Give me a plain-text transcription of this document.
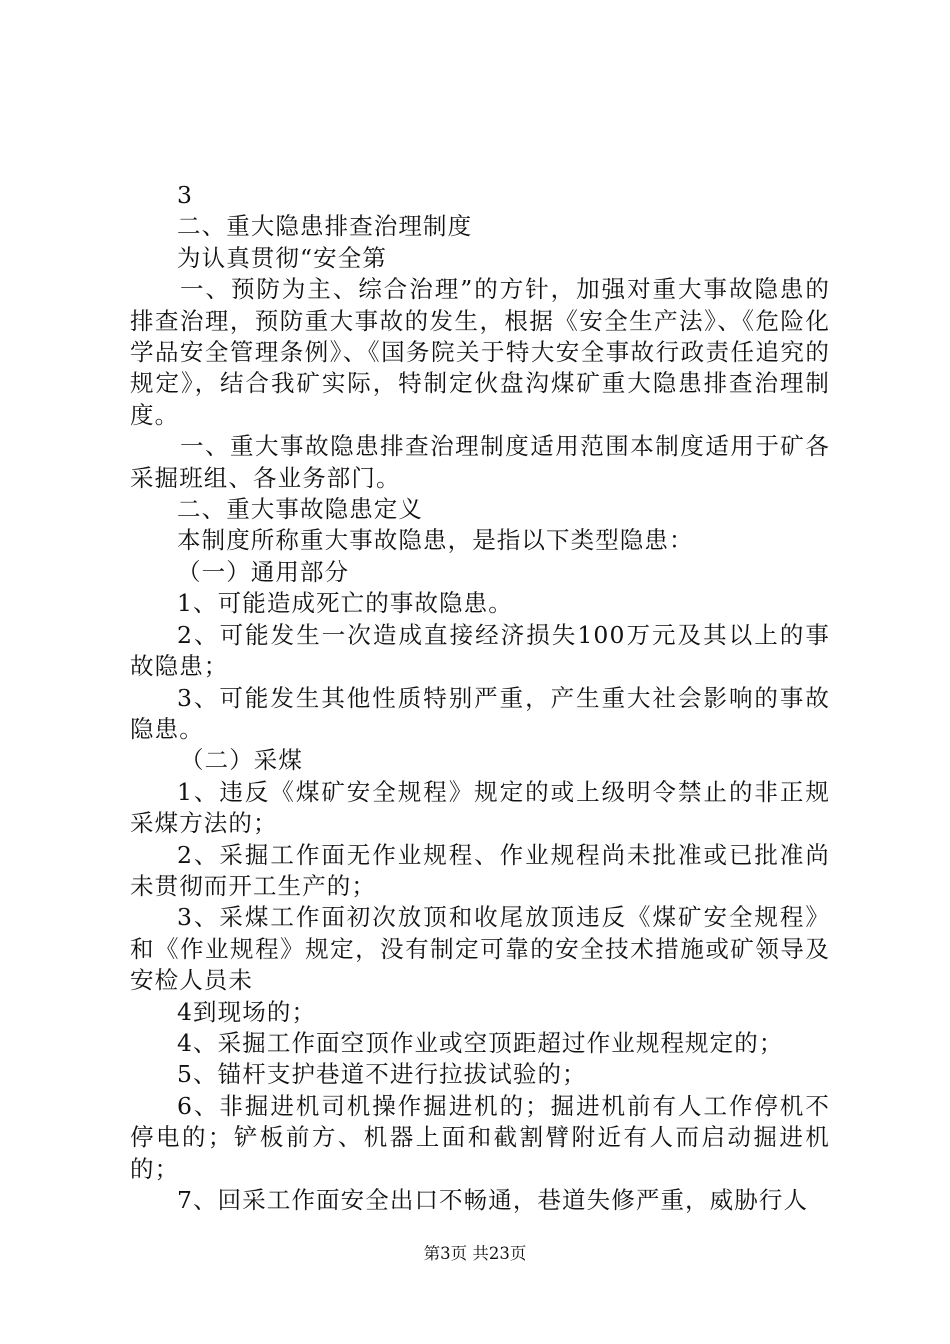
3

二、重大隐患排查治理制度

为认真贯彻“安全第

一、预防为主、综合治理”的方针，加强对重大事故隐患的排查治理，预防重大事故的发生，根据《安全生产法》、《危险化学品安全管理条例》、《国务院关于特大安全事故行政责任追究的规定》，结合我矿实际，特制定伙盘沟煤矿重大隐患排查治理制度。

一、重大事故隐患排查治理制度适用范围本制度适用于矿各采掘班组、各业务部门。

二、重大事故隐患定义

本制度所称重大事故隐患，是指以下类型隐患：

（一）通用部分

1、可能造成死亡的事故隐患。

2、可能发生一次造成直接经济损失100万元及其以上的事故隐患；

3、可能发生其他性质特别严重，产生重大社会影响的事故隐患。

（二）采煤

1、违反《煤矿安全规程》规定的或上级明令禁止的非正规采煤方法的；

2、采掘工作面无作业规程、作业规程尚未批准或已批准尚未贯彻而开工生产的；

3、采煤工作面初次放顶和收尾放顶违反《煤矿安全规程》和《作业规程》规定，没有制定可靠的安全技术措施或矿领导及安检人员未

4到现场的；

4、采掘工作面空顶作业或空顶距超过作业规程规定的；

5、锚杆支护巷道不进行拉拔试验的；

6、非掘进机司机操作掘进机的；掘进机前有人工作停机不停电的；铲板前方、机器上面和截割臂附近有人而启动掘进机的；

7、回采工作面安全出口不畅通，巷道失修严重，威胁行人

第3页 共23页
